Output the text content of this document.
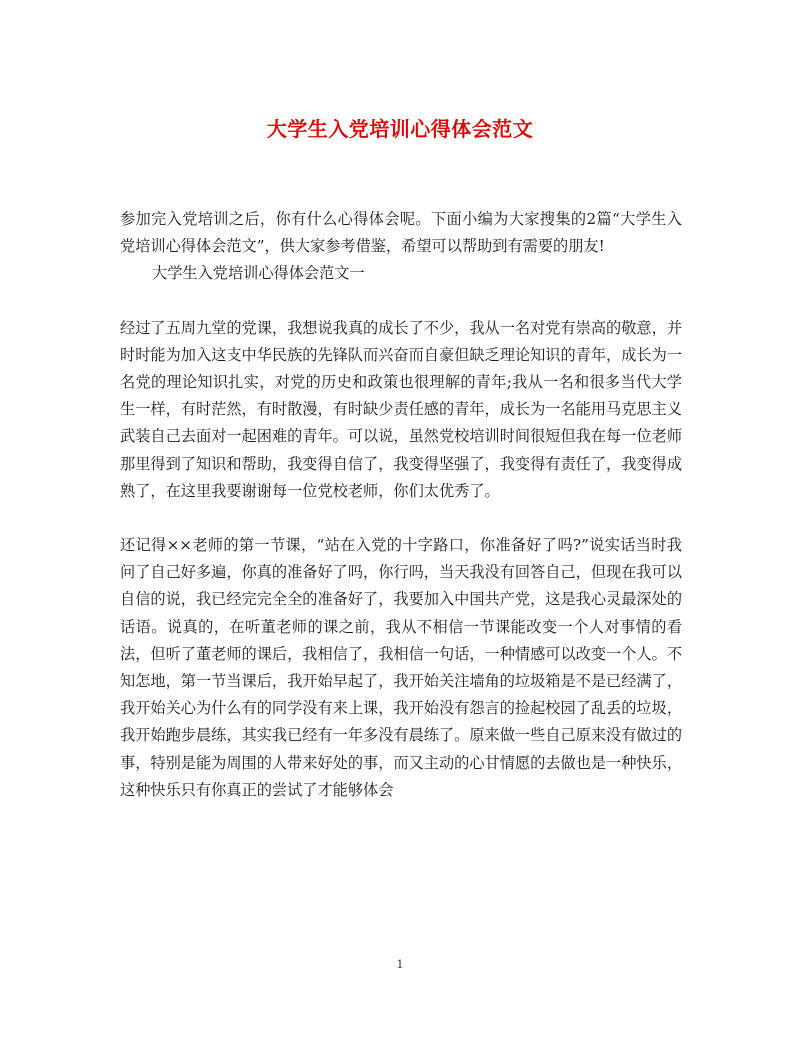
大学生入党培训心得体会范文

参加完入党培训之后，你有什么心得体会呢。下面小编为大家搜集的2篇“大学生入党培训心得体会范文”，供大家参考借鉴，希望可以帮助到有需要的朋友!

大学生入党培训心得体会范文一

经过了五周九堂的党课，我想说我真的成长了不少，我从一名对党有崇高的敬意，并时时能为加入这支中华民族的先锋队而兴奋而自豪但缺乏理论知识的青年，成长为一名党的理论知识扎实，对党的历史和政策也很理解的青年;我从一名和很多当代大学生一样，有时茫然，有时散漫，有时缺少责任感的青年，成长为一名能用马克思主义武装自己去面对一起困难的青年。可以说，虽然党校培训时间很短但我在每一位老师那里得到了知识和帮助，我变得自信了，我变得坚强了，我变得有责任了，我变得成熟了，在这里我要谢谢每一位党校老师，你们太优秀了。

还记得××老师的第一节课，“站在入党的十字路口，你准备好了吗?”说实话当时我问了自己好多遍，你真的准备好了吗，你行吗，当天我没有回答自己，但现在我可以自信的说，我已经完完全全的准备好了，我要加入中国共产党，这是我心灵最深处的话语。说真的，在听董老师的课之前，我从不相信一节课能改变一个人对事情的看法，但听了董老师的课后，我相信了，我相信一句话，一种情感可以改变一个人。不知怎地，第一节当课后，我开始早起了，我开始关注墙角的垃圾箱是不是已经满了，我开始关心为什么有的同学没有来上课，我开始没有怨言的捡起校园了乱丢的垃圾，我开始跑步晨练，其实我已经有一年多没有晨练了。原来做一些自己原来没有做过的事，特别是能为周围的人带来好处的事，而又主动的心甘情愿的去做也是一种快乐，这种快乐只有你真正的尝试了才能够体会

1
